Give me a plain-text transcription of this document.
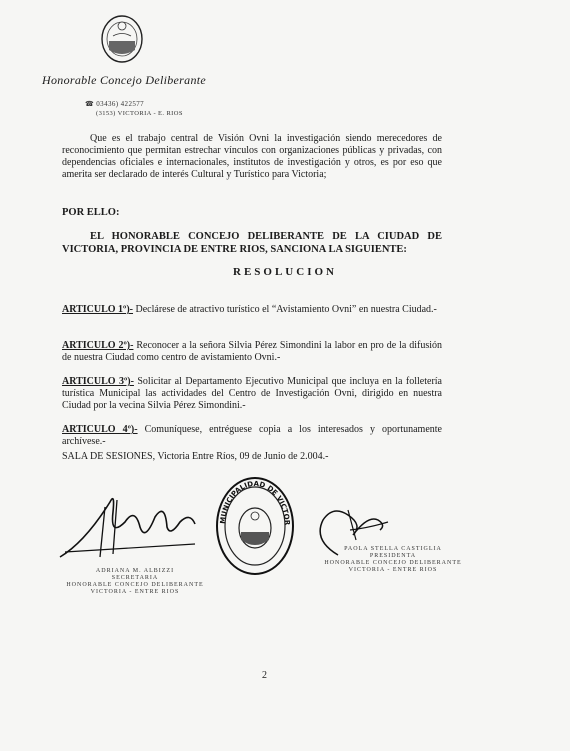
Honorable Concejo Deliberante
☎ 03436) 422577
(3153) VICTORIA - E. RIOS
Que es el trabajo central de Visión Ovni la investigación siendo merecedores de reconocimiento que permitan estrechar vínculos con organizaciones públicas y privadas, con dependencias oficiales e internacionales, institutos de investigación y otros, es por eso que amerita ser declarado de interés Cultural y Turístico para Victoria;
POR ELLO:
EL HONORABLE CONCEJO DELIBERANTE DE LA CIUDAD DE VICTORIA, PROVINCIA DE ENTRE RIOS, SANCIONA LA SIGUIENTE:
RESOLUCION
ARTICULO 1º)- Declárese de atractivo turístico el “Avistamiento Ovni” en nuestra Ciudad.-
ARTICULO 2º)- Reconocer a la señora Silvia Pérez Simondini la labor en pro de la difusión de nuestra Ciudad como centro de avistamiento Ovni.-
ARTICULO 3º)- Solicitar al Departamento Ejecutivo Municipal que incluya en la folletería turística Municipal las actividades del Centro de Investigación Ovni, dirigido en nuestra Ciudad por la vecina Silvia Pérez Simondini.-
ARTICULO 4º)- Comuníquese, entréguese copia a los interesados y oportunamente archívese.-
SALA DE SESIONES, Victoria Entre Ríos, 09 de Junio de 2.004.-
ADRIANA M. ALBIZZI
SECRETARIA
HONORABLE CONCEJO DELIBERANTE
VICTORIA - ENTRE RIOS
MUNICIPALIDAD DE VICTORIA
PAOLA STELLA CASTIGLIA
PRESIDENTA
HONORABLE CONCEJO DELIBERANTE
VICTORIA - ENTRE RIOS
2
